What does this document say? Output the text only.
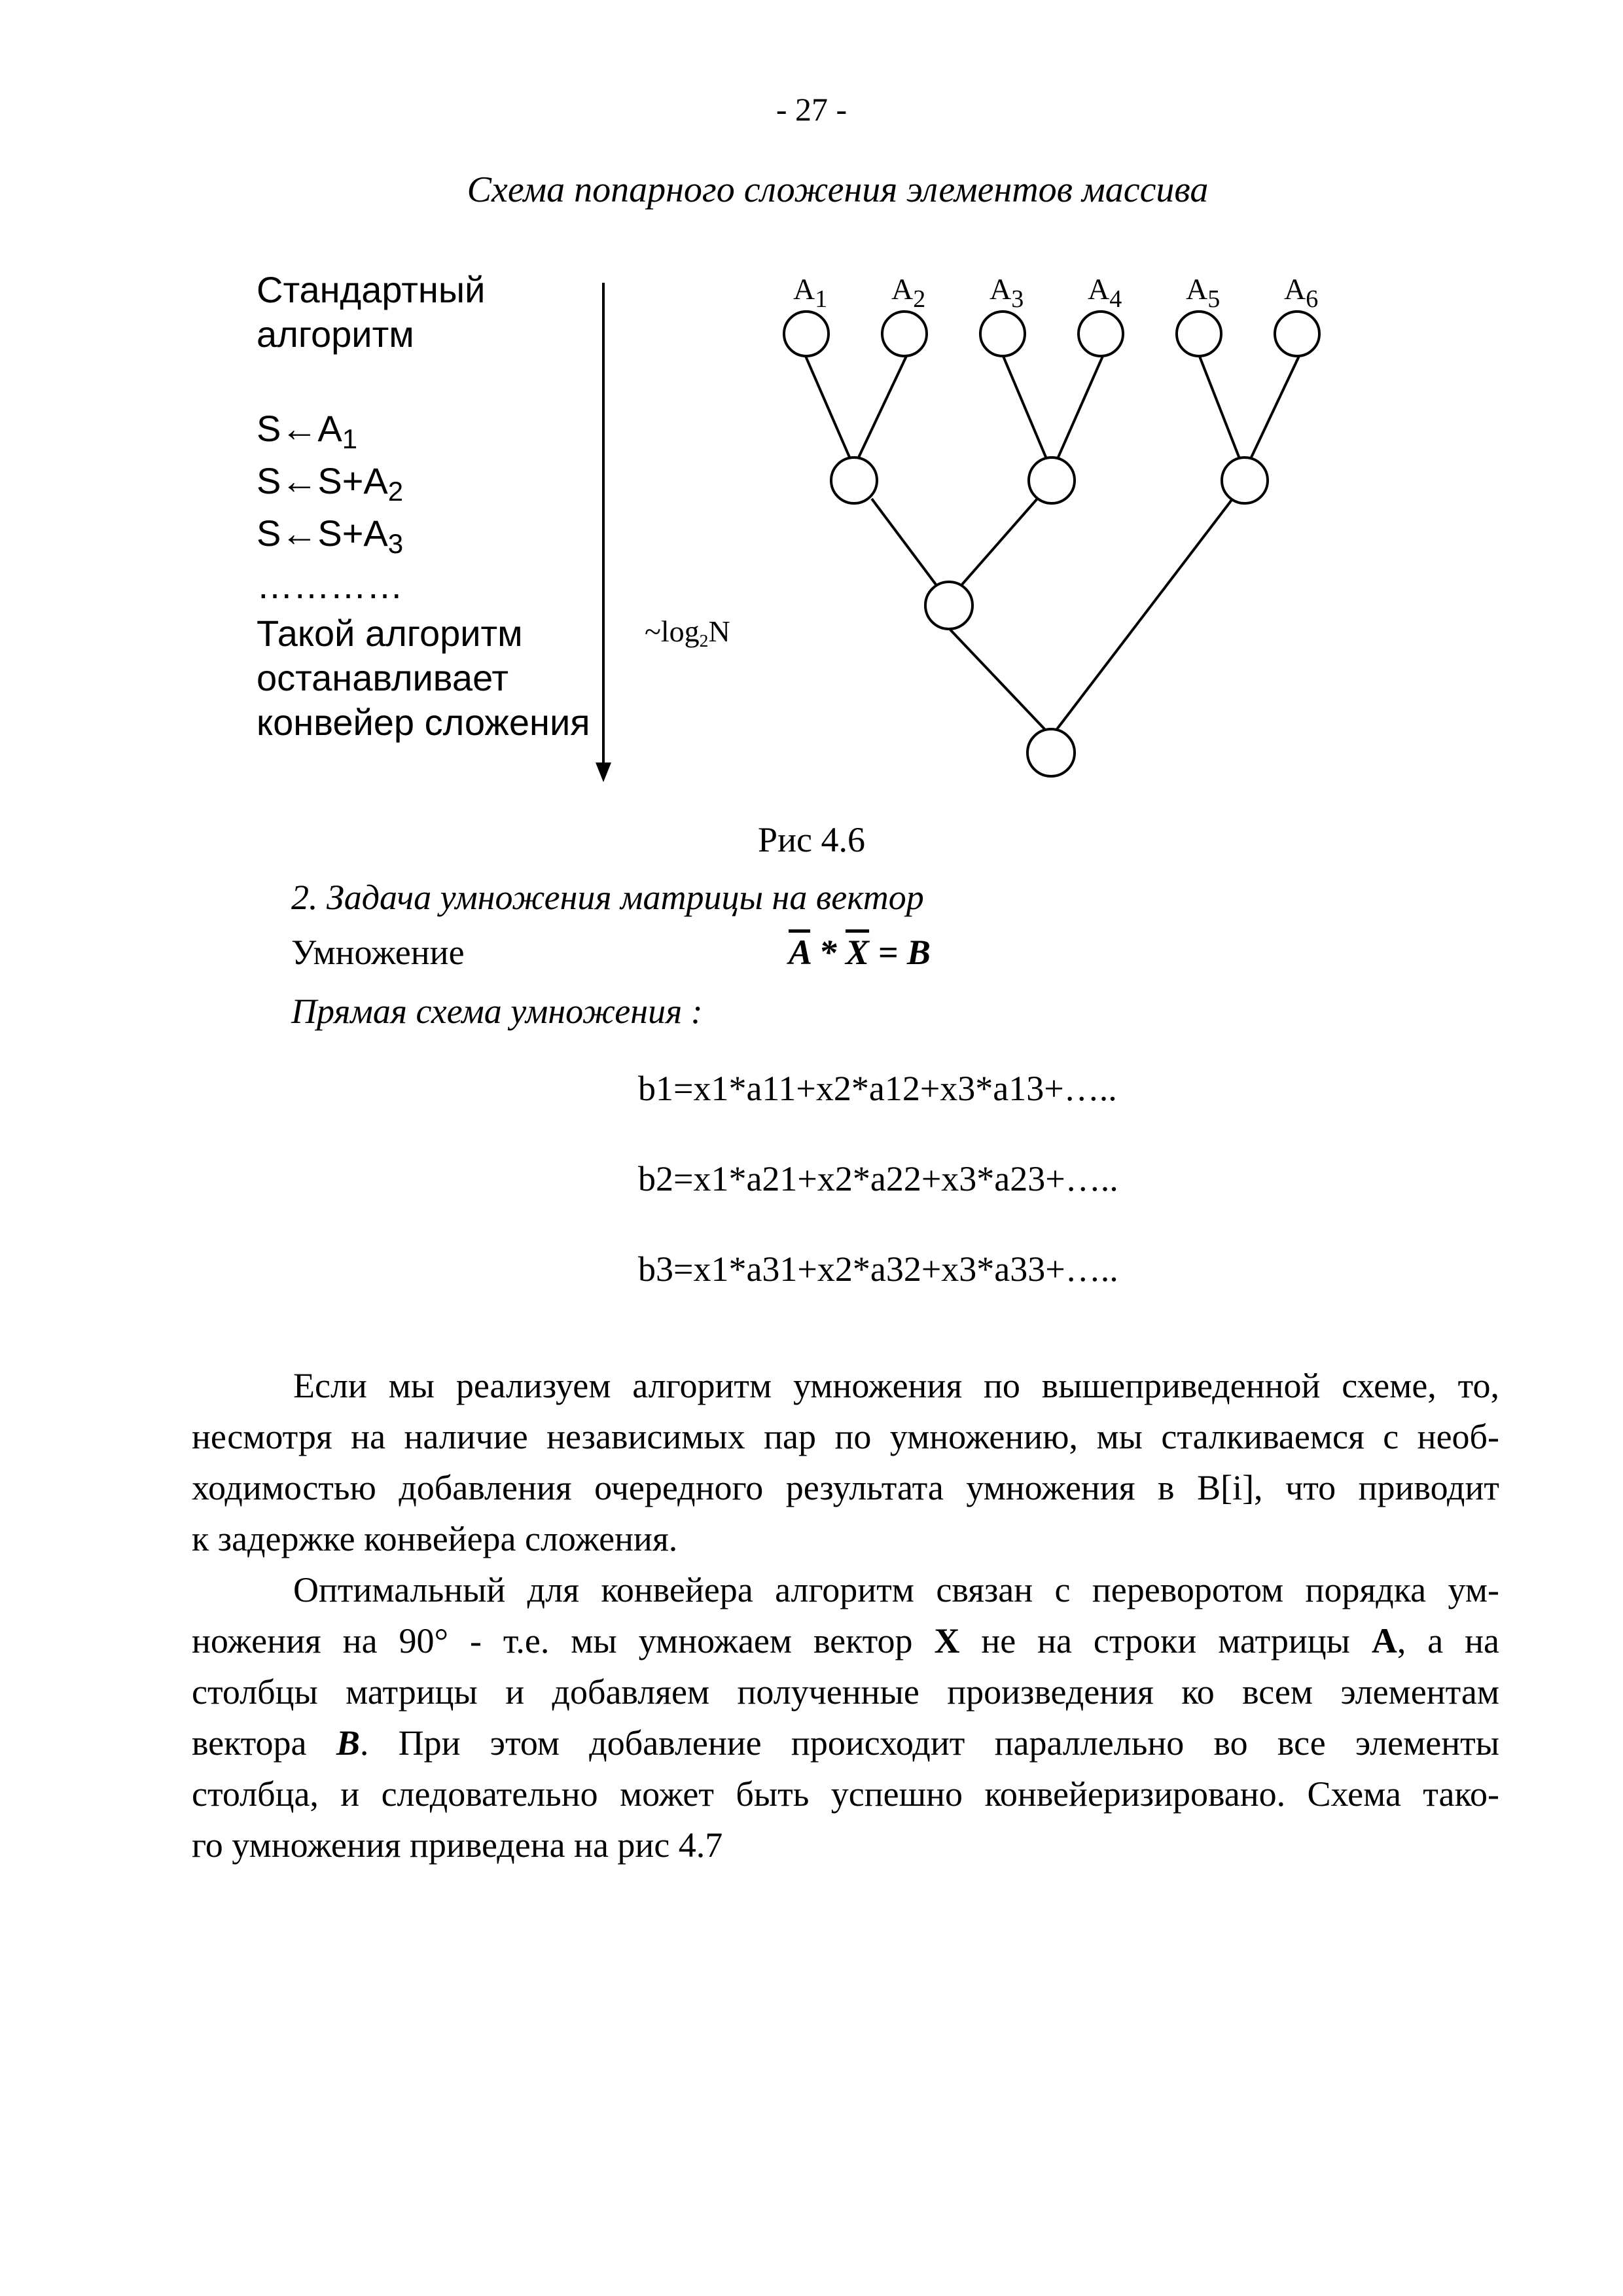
- 27 -
Схема попарного сложения элементов массива
Стандартный
алгоритм
S←A1
S←S+A2
S←S+A3
…………
Такой алгоритм
останавливает
конвейер сложения
~log2N
$A_1$ $A_2$ $A_3$ $A_4$ $A_5$ $A_6$
Рис 4.6
2. Задача умножения матрицы на вектор
Умножение	$\overline{A} * \overline{X} = B$
Прямая схема умножения :
b1=x1*a11+x2*a12+x3*a13+…..
b2=x1*a21+x2*a22+x3*a23+…..
b3=x1*a31+x2*a32+x3*a33+…..
Если мы реализуем алгоритм умножения по вышеприведенной схеме, то,
несмотря на наличие независимых пар по умножению, мы сталкиваемся с необ-
ходимостью добавления очередного результата умножения в B[i], что приводит
к задержке конвейера сложения.
Оптимальный для конвейера алгоритм связан с переворотом порядка ум-
ножения на 90° - т.е. мы умножаем вектор X не на строки матрицы A, а на
столбцы матрицы и добавляем полученные произведения ко всем элементам
вектора B. При этом добавление происходит параллельно во все элементы
столбца, и следовательно может быть успешно конвейеризировано. Схема тако-
го умножения приведена на рис 4.7
